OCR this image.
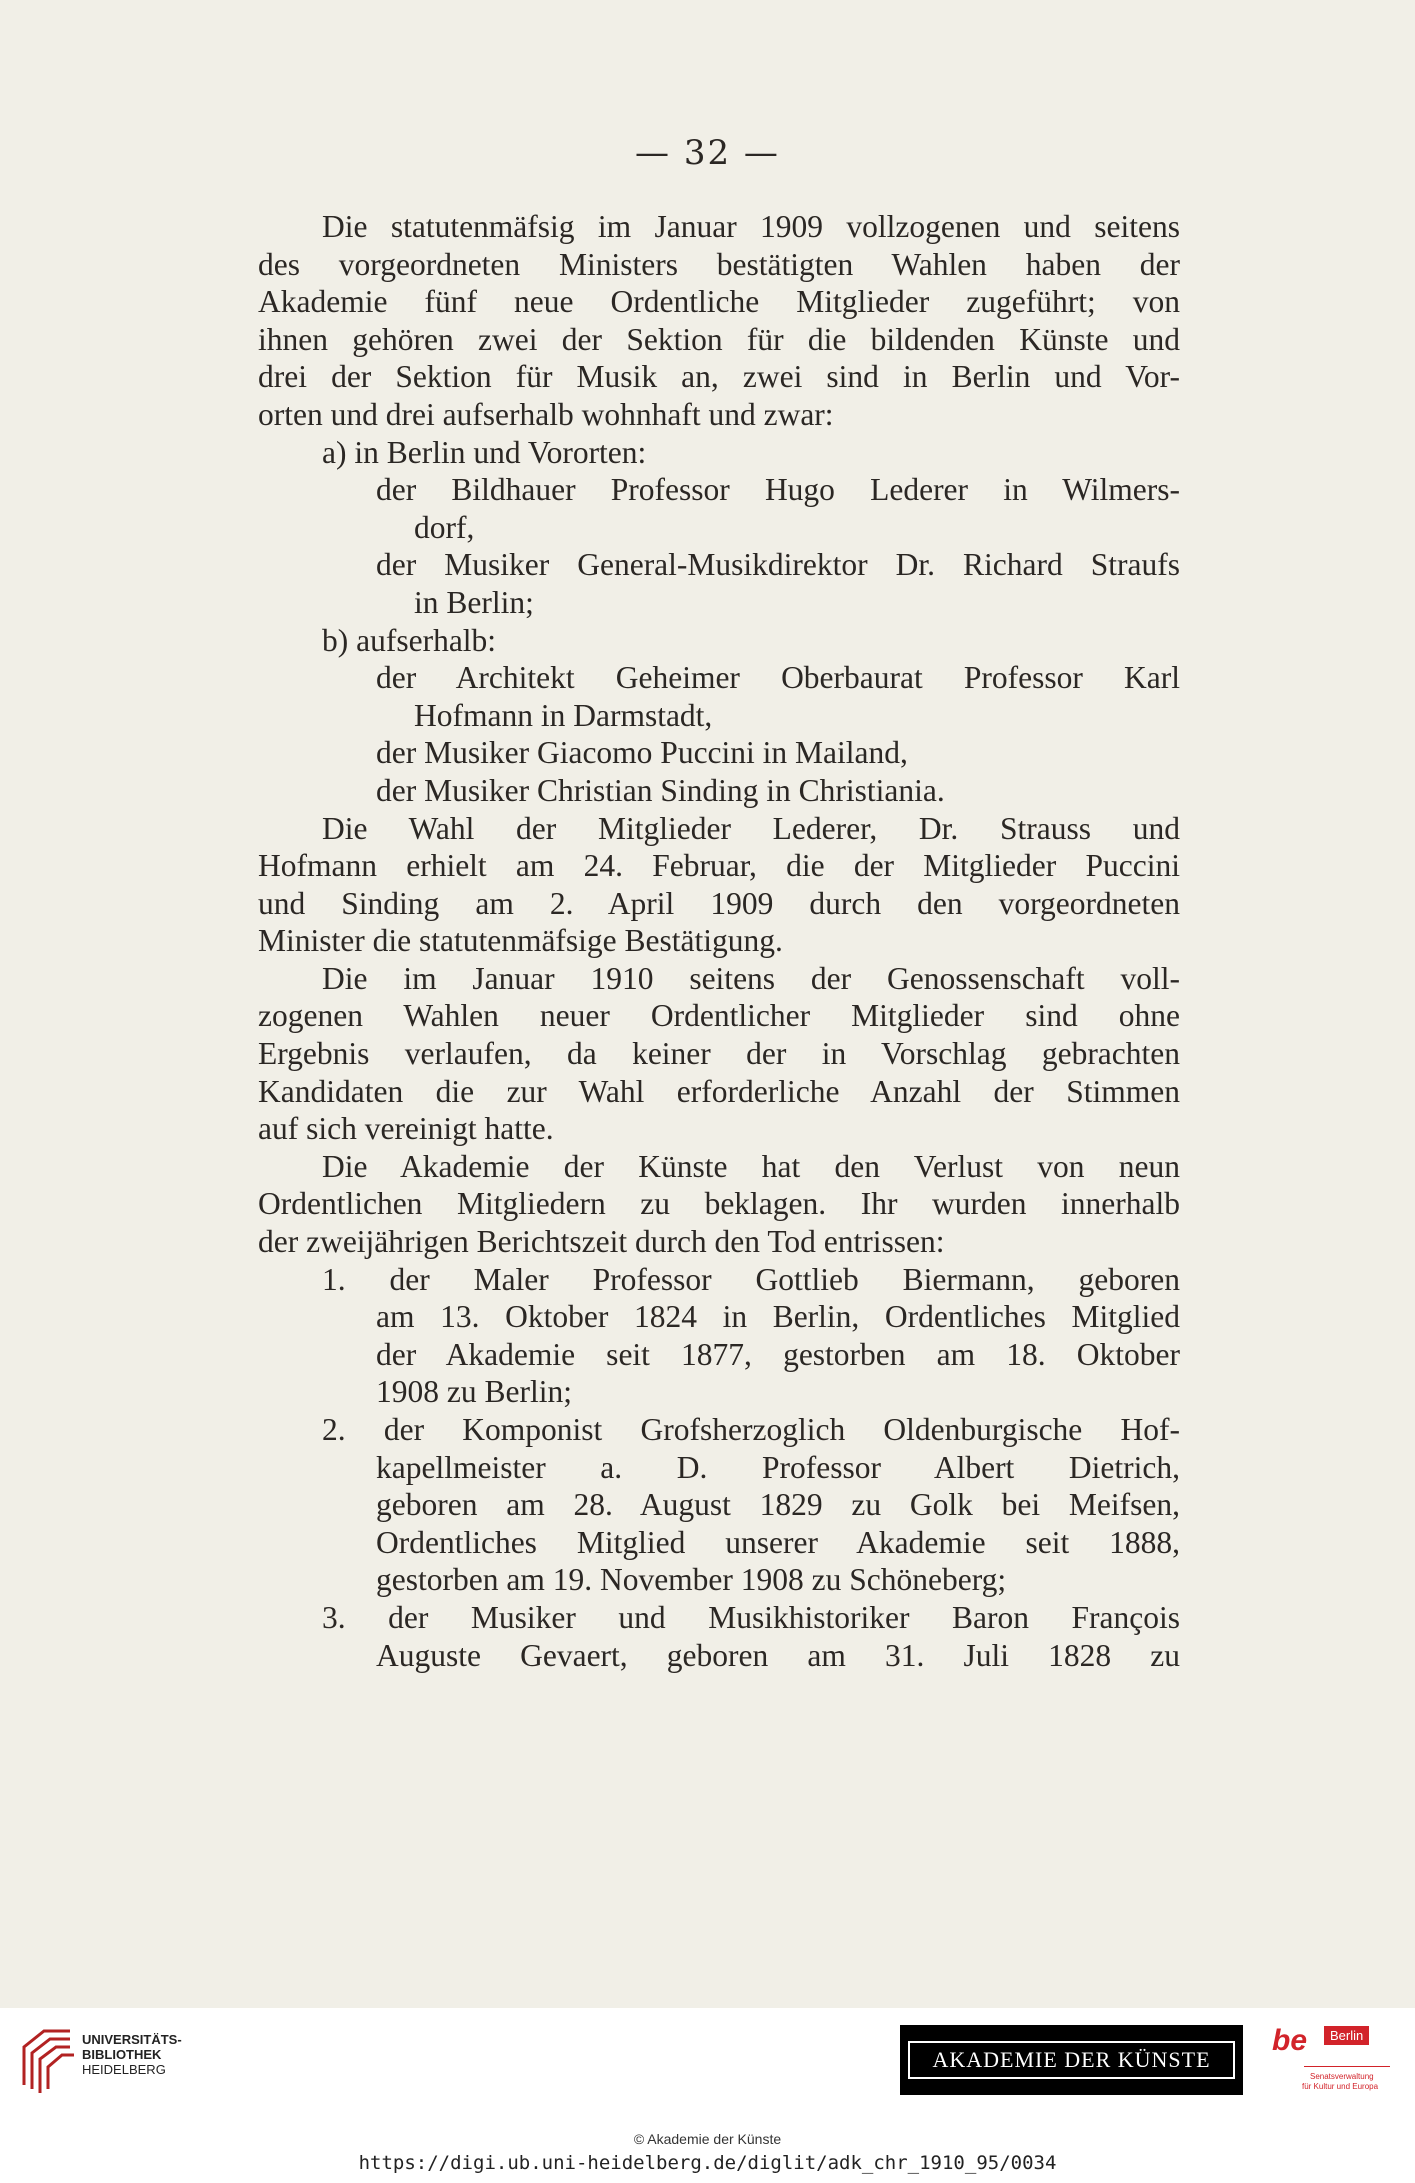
— 32 —

Die statutenmäfsig im Januar 1909 vollzogenen und seitens

des vorgeordneten Ministers bestätigten Wahlen haben der

Akademie fünf neue Ordentliche Mitglieder zugeführt; von

ihnen gehören zwei der Sektion für die bildenden Künste und

drei der Sektion für Musik an, zwei sind in Berlin und Vor-

orten und drei aufserhalb wohnhaft und zwar:

a) in Berlin und Vororten:

der Bildhauer Professor Hugo Lederer in Wilmers-

dorf,

der Musiker General-Musikdirektor Dr. Richard Straufs

in Berlin;

b) aufserhalb:

der Architekt Geheimer Oberbaurat Professor Karl

Hofmann in Darmstadt,

der Musiker Giacomo Puccini in Mailand,

der Musiker Christian Sinding in Christiania.

Die Wahl der Mitglieder Lederer, Dr. Strauss und

Hofmann erhielt am 24. Februar, die der Mitglieder Puccini

und Sinding am 2. April 1909 durch den vorgeordneten

Minister die statutenmäfsige Bestätigung.

Die im Januar 1910 seitens der Genossenschaft voll-

zogenen Wahlen neuer Ordentlicher Mitglieder sind ohne

Ergebnis verlaufen, da keiner der in Vorschlag gebrachten

Kandidaten die zur Wahl erforderliche Anzahl der Stimmen

auf sich vereinigt hatte.

Die Akademie der Künste hat den Verlust von neun

Ordentlichen Mitgliedern zu beklagen. Ihr wurden innerhalb

der zweijährigen Berichtszeit durch den Tod entrissen:

1. der Maler Professor Gottlieb Biermann, geboren

am 13. Oktober 1824 in Berlin, Ordentliches Mitglied

der Akademie seit 1877, gestorben am 18. Oktober

1908 zu Berlin;

2. der Komponist Grofsherzoglich Oldenburgische Hof-

kapellmeister a. D. Professor Albert Dietrich,

geboren am 28. August 1829 zu Golk bei Meifsen,

Ordentliches Mitglied unserer Akademie seit 1888,

gestorben am 19. November 1908 zu Schöneberg;

3. der Musiker und Musikhistoriker Baron François

Auguste Gevaert, geboren am 31. Juli 1828 zu

UNIVERSITÄTS-
BIBLIOTHEK
HEIDELBERG	AKADEMIE DER KÜNSTE
be	Berlin
Senatsverwaltung
für Kultur und Europa
© Akademie der Künste
https://digi.ub.uni-heidelberg.de/diglit/adk_chr_1910_95/0034
